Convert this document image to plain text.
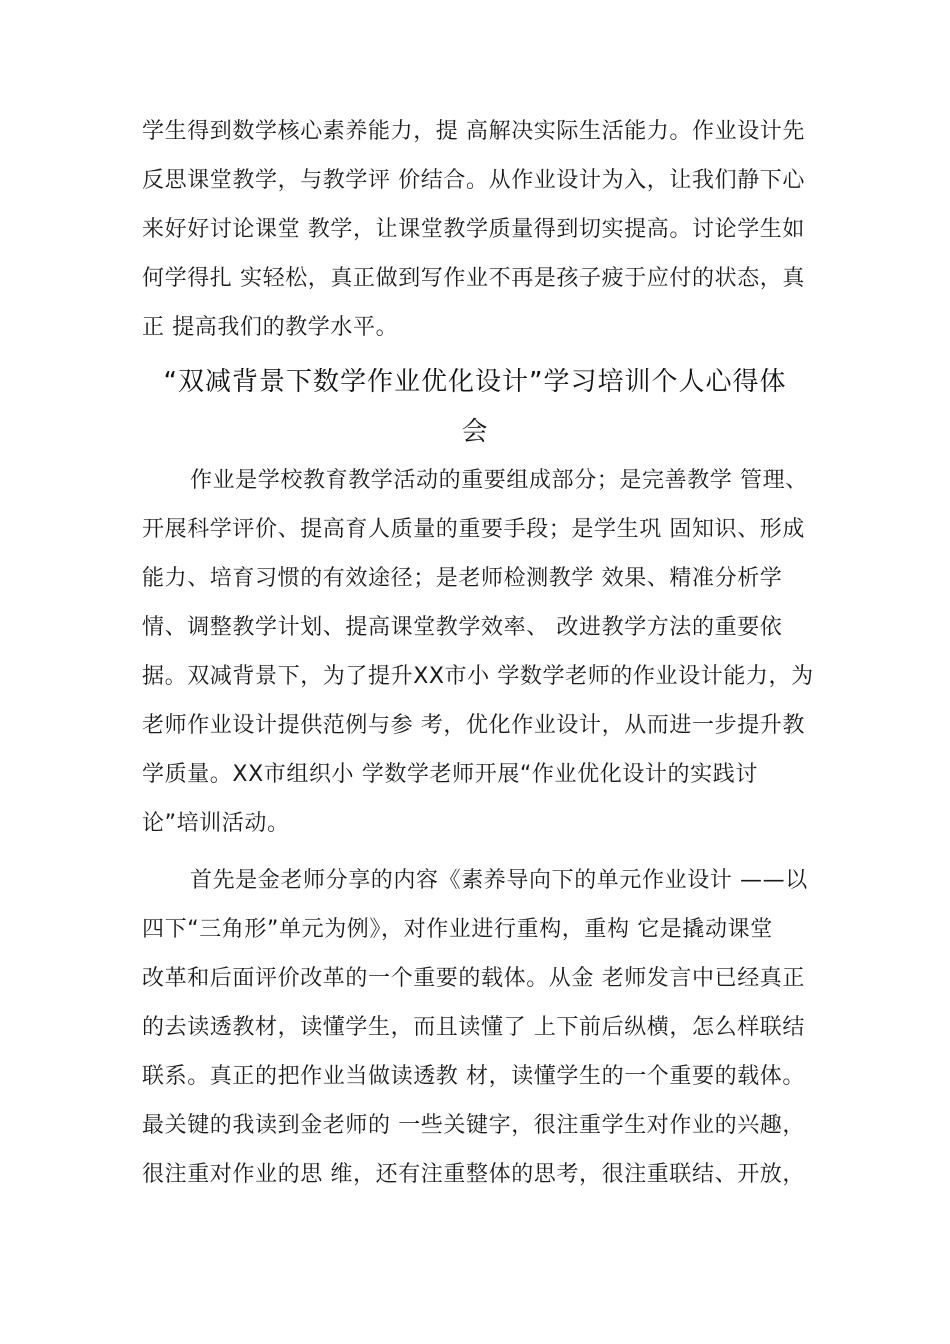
学生得到数学核心素养能力，提 高解决实际生活能力。作业设计先
反思课堂教学，与教学评 价结合。从作业设计为入，让我们静下心
来好好讨论课堂 教学，让课堂教学质量得到切实提高。讨论学生如
何学得扎 实轻松，真正做到写作业不再是孩子疲于应付的状态，真
正 提高我们的教学水平。
“双减背景下数学作业优化设计”学习培训个人心得体
会
作业是学校教育教学活动的重要组成部分；是完善教学 管理、
开展科学评价、提高育人质量的重要手段；是学生巩 固知识、形成
能力、培育习惯的有效途径；是老师检测教学 效果、精准分析学
情、调整教学计划、提高课堂教学效率、 改进教学方法的重要依
据。双减背景下，为了提升XX市小 学数学老师的作业设计能力，为
老师作业设计提供范例与参 考，优化作业设计，从而进一步提升教
学质量。XX市组织小 学数学老师开展“作业优化设计的实践讨
论”培训活动。
首先是金老师分享的内容《素养导向下的单元作业设计 ——以
四下“三角形”单元为例》，对作业进行重构，重构 它是撬动课堂
改革和后面评价改革的一个重要的载体。从金 老师发言中已经真正
的去读透教材，读懂学生，而且读懂了 上下前后纵横，怎么样联结
联系。真正的把作业当做读透教 材，读懂学生的一个重要的载体。
最关键的我读到金老师的 一些关键字，很注重学生对作业的兴趣，
很注重对作业的思 维，还有注重整体的思考，很注重联结、开放，
